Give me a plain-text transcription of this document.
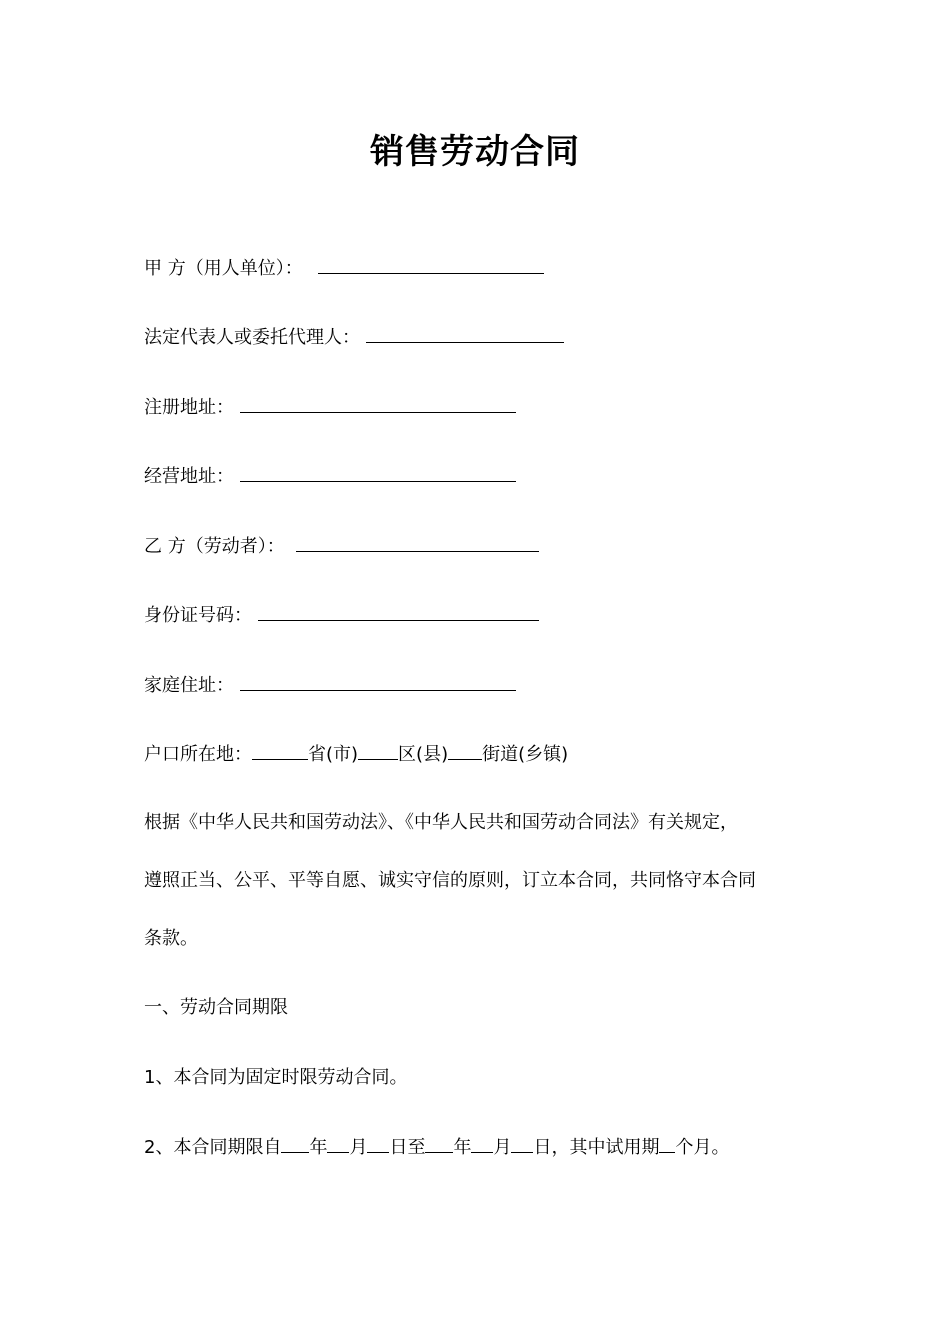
销售劳动合同
甲 方（用人单位）：
法定代表人或委托代理人：
注册地址：
经营地址：
乙 方（劳动者）：
身份证号码：
家庭住址：
户口所在地：	省(市) 区(县) 街道(乡镇)
根据《中华人民共和国劳动法》、《中华人民共和国劳动合同法》有关规定，
遵照正当、公平、平等自愿、诚实守信的原则，订立本合同，共同恪守本合同
条款。
一、劳动合同期限
1、本合同为固定时限劳动合同。
2、本合同期限自 年 月 日至 年 月 日，其中试用期 个月。
